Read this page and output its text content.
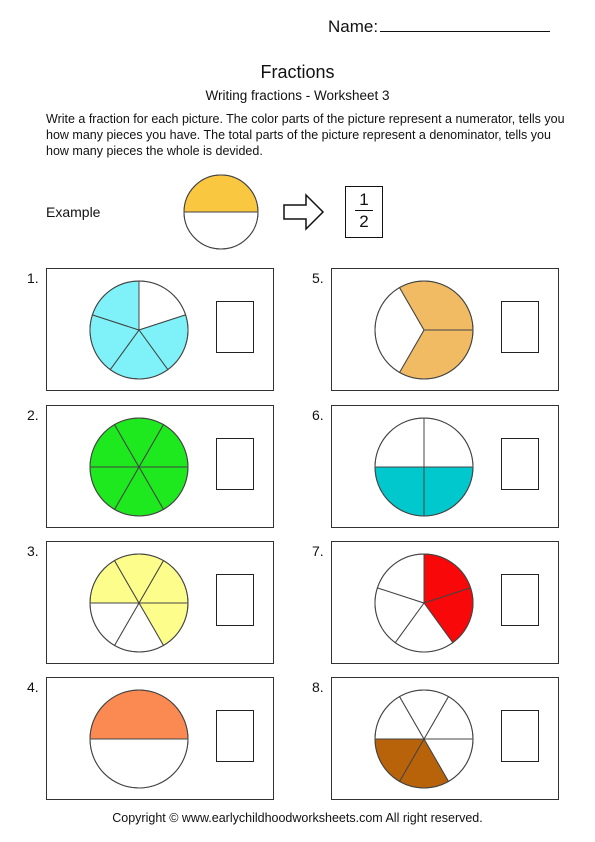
Name:
Fractions
Writing fractions - Worksheet 3
Write a fraction for each picture. The color parts of the picture represent a numerator, tells you how many pieces you have. The total parts of the picture represent a denominator, tells you how many pieces the whole is devided.
Example
1
2
1.
2.
3.
4.
5.
6.
7.
8.
Copyright © www.earlychildhoodworksheets.com All right reserved.
